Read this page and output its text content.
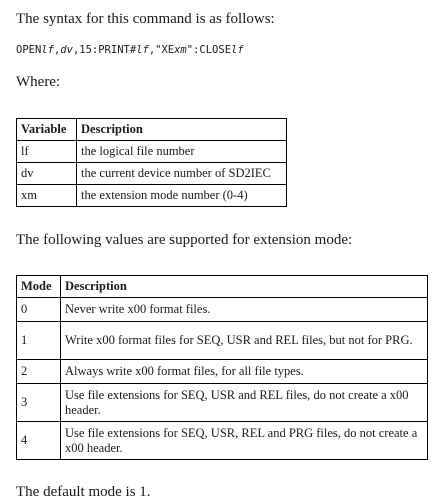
The syntax for this command is as follows:

OPENlf,dv,15:PRINT#lf,"XExm":CLOSElf

Where:

Variable	Description
lf	the logical file number
dv	the current device number of SD2IEC
xm	the extension mode number (0-4)

The following values are supported for extension mode:

Mode	Description
0	Never write x00 format files.
1	Write x00 format files for SEQ, USR and REL files, but not for PRG.
2	Always write x00 format files, for all file types.
3	Use file extensions for SEQ, USR and REL files, do not create a x00 header.
4	Use file extensions for SEQ, USR, REL and PRG files, do not create a x00 header.

The default mode is 1.
